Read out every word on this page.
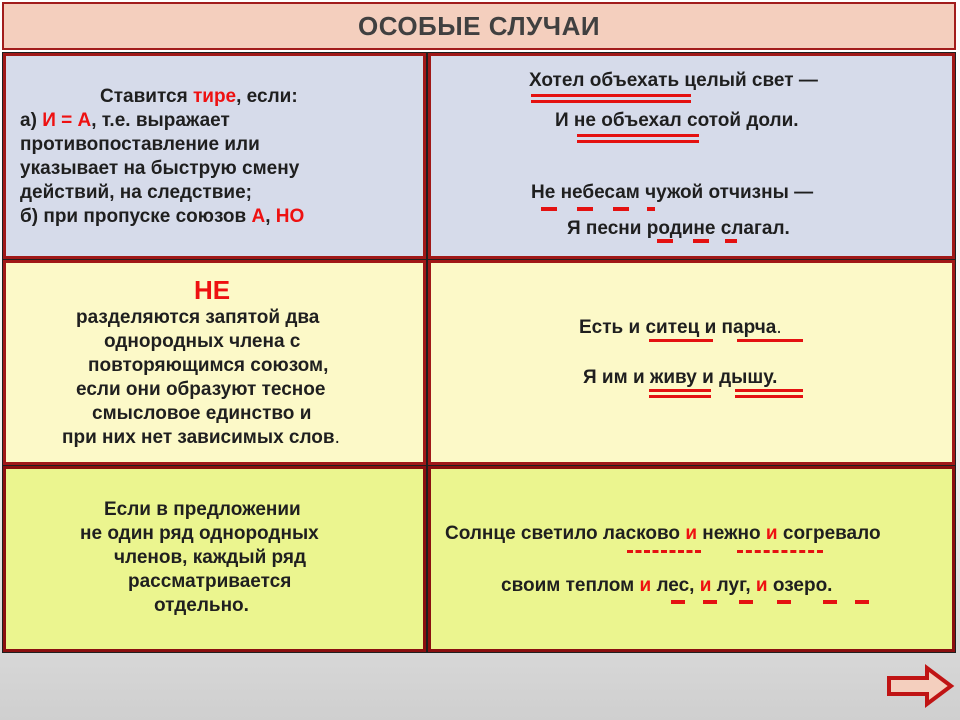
ОСОБЫЕ СЛУЧАИ
Ставится тире, если:
а) И = А, т.е. выражает
противопоставление или
указывает на быструю смену
действий, на следствие;
б) при пропуске союзов А, НО
Хотел объехать целый свет —
И не объехал сотой доли.
Не небесам чужой отчизны —
Я песни родине слагал.
НЕ
разделяются запятой два
однородных члена с
повторяющимся союзом,
если они образуют тесное
смысловое единство и
при них нет зависимых слов.
Есть и ситец и парча.
Я им и живу и дышу.
Если в предложении
не один ряд однородных
членов, каждый ряд
рассматривается
отдельно.
Солнце светило ласково и нежно и согревало
своим теплом и лес, и луг, и озеро.
